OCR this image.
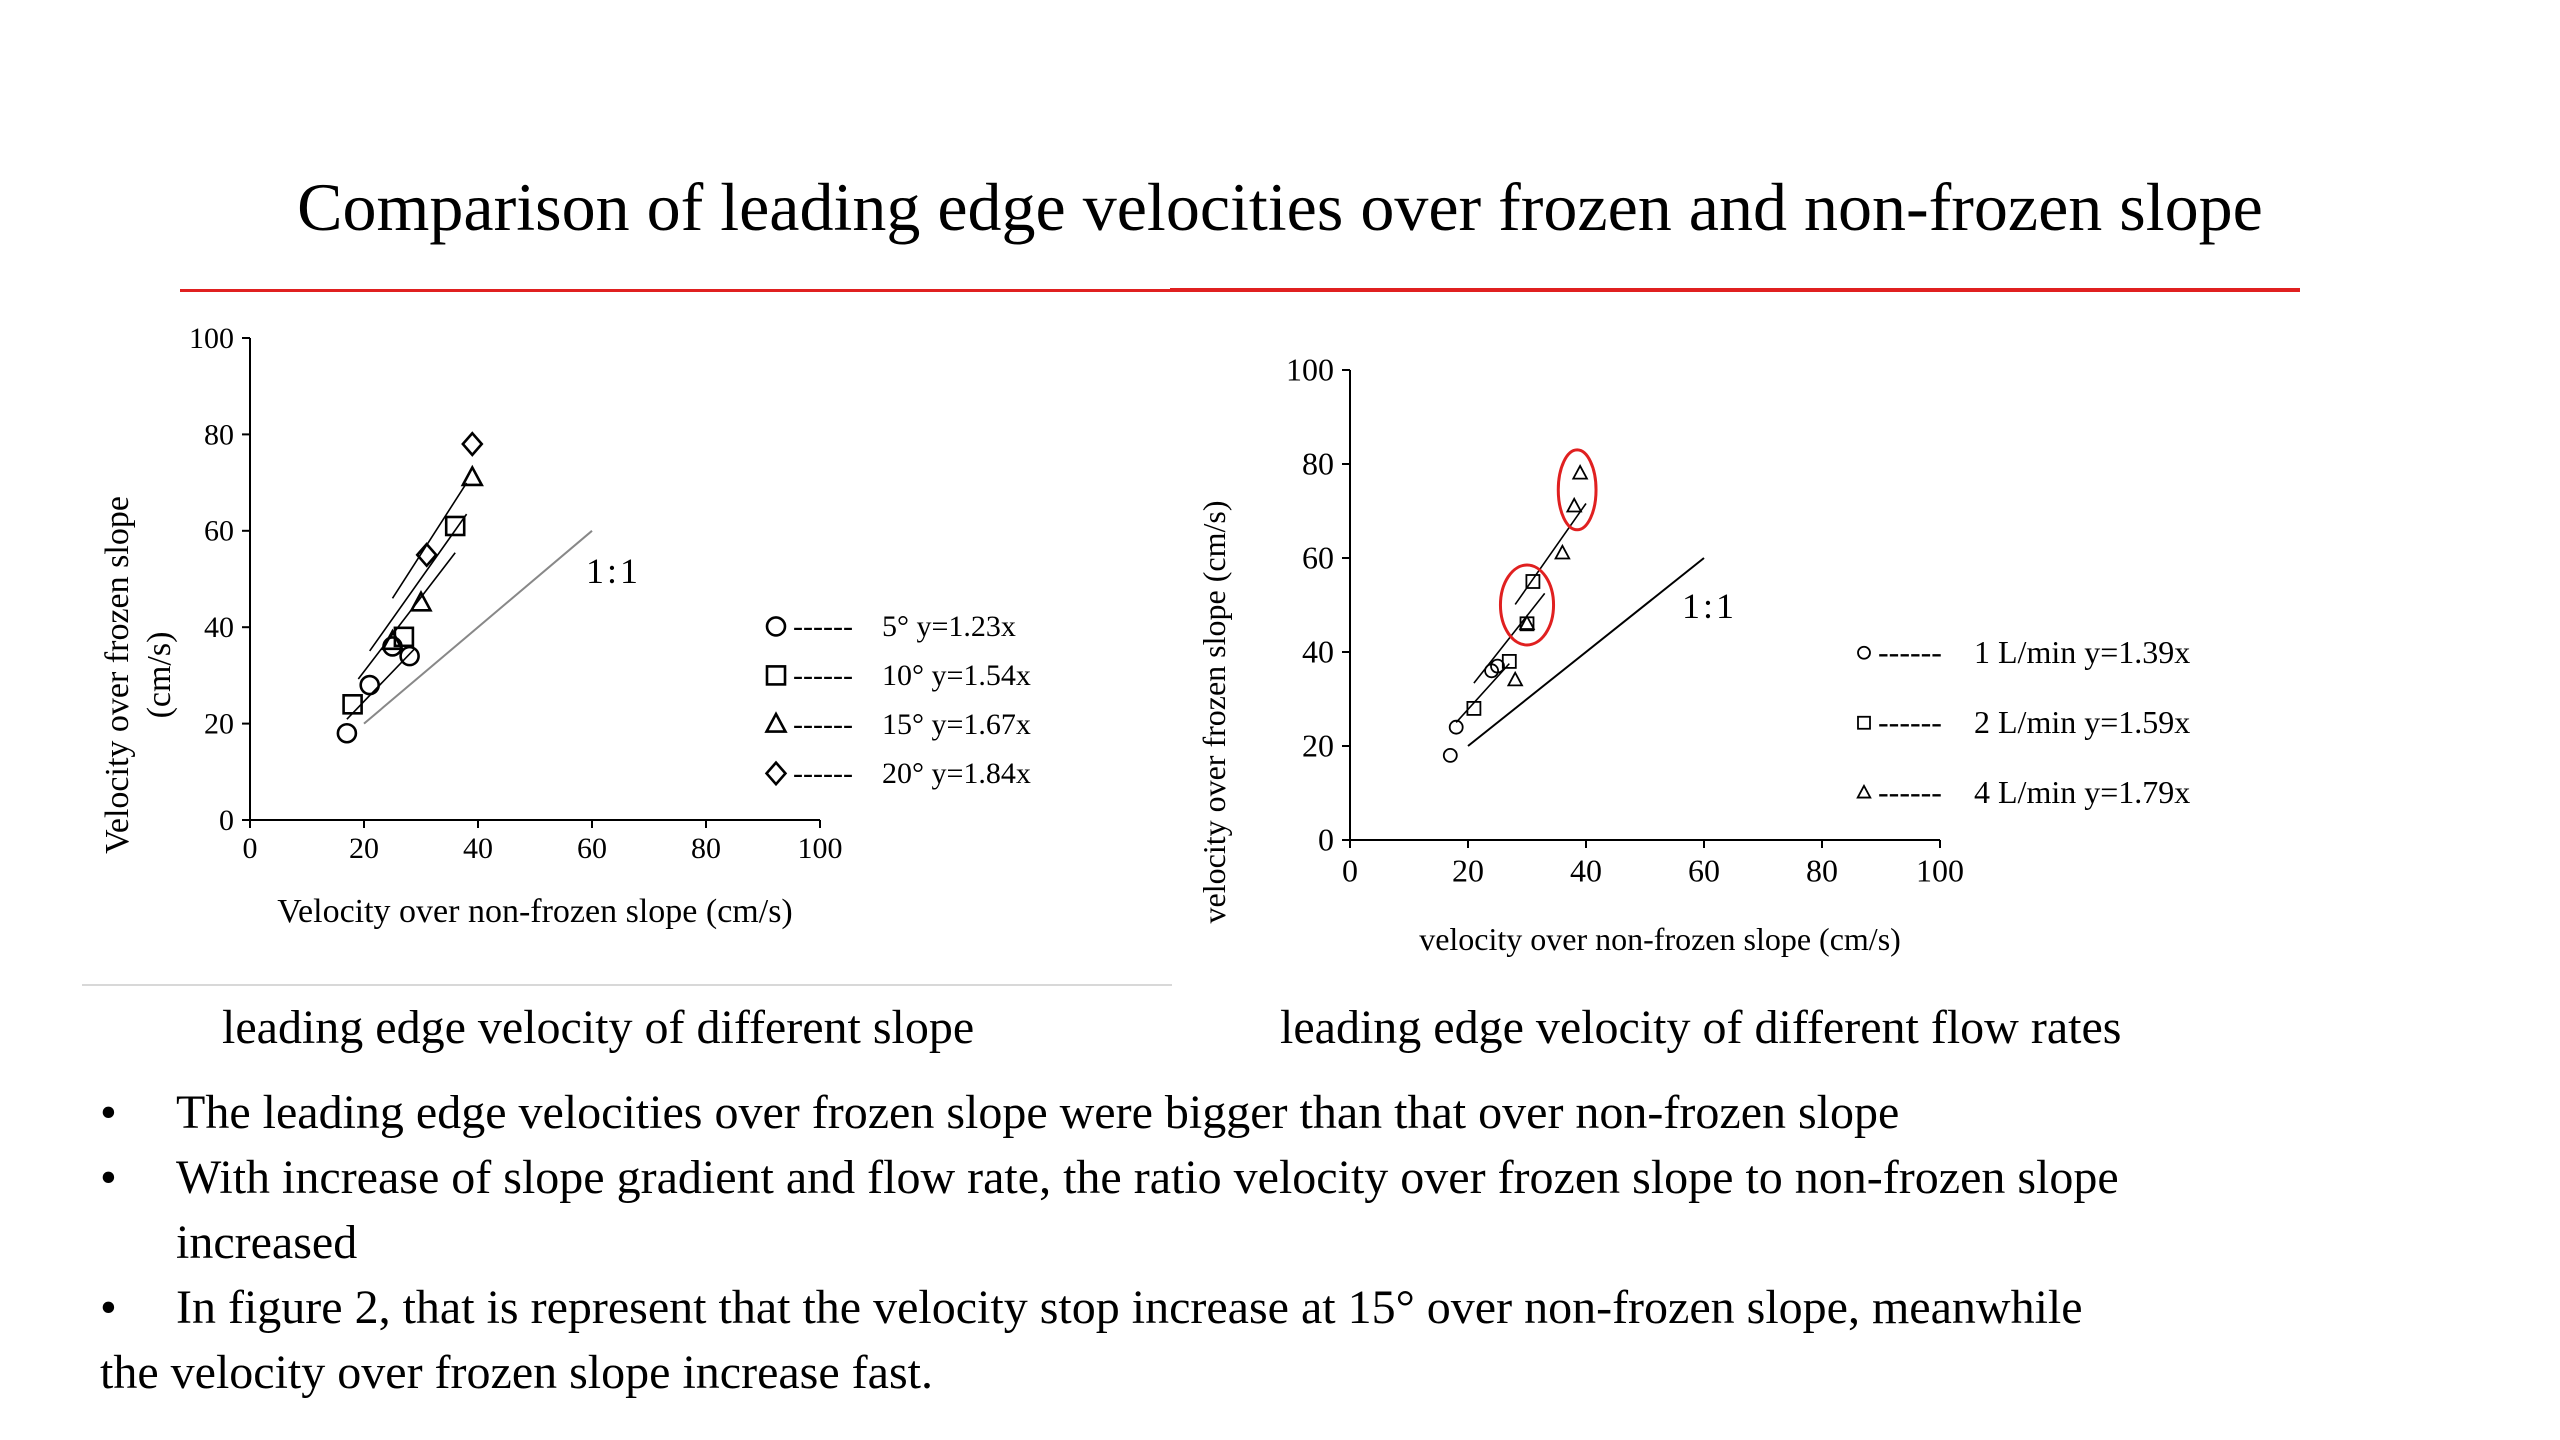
Comparison of leading edge velocities over frozen and non-frozen slope
0	20	40	60	80	100
0
20
40
60
80
100
1:1
------ 5° y=1.23x
------ 10° y=1.54x
------ 15° y=1.67x
------ 20° y=1.84x
Velocity over non-frozen slope (cm/s)
Velocity over frozen slope (cm/s)
0	20	40	60	80 100
0
20
40
60
80
100
1:1
------ 1 L/min y=1.39x
------ 2 L/min y=1.59x
------ 4 L/min y=1.79x
velocity over non-frozen slope (cm/s)
velocity over frozen slope (cm/s)
leading edge velocity of different slope	leading edge velocity of different flow rates
• The leading edge velocities over frozen slope were bigger than that over non-frozen slope
• With increase of slope gradient and flow rate, the ratio velocity over frozen slope to non-frozen slope
increased
• In figure 2, that is represent that the velocity stop increase at 15° over non-frozen slope, meanwhile
the velocity over frozen slope increase fast.
